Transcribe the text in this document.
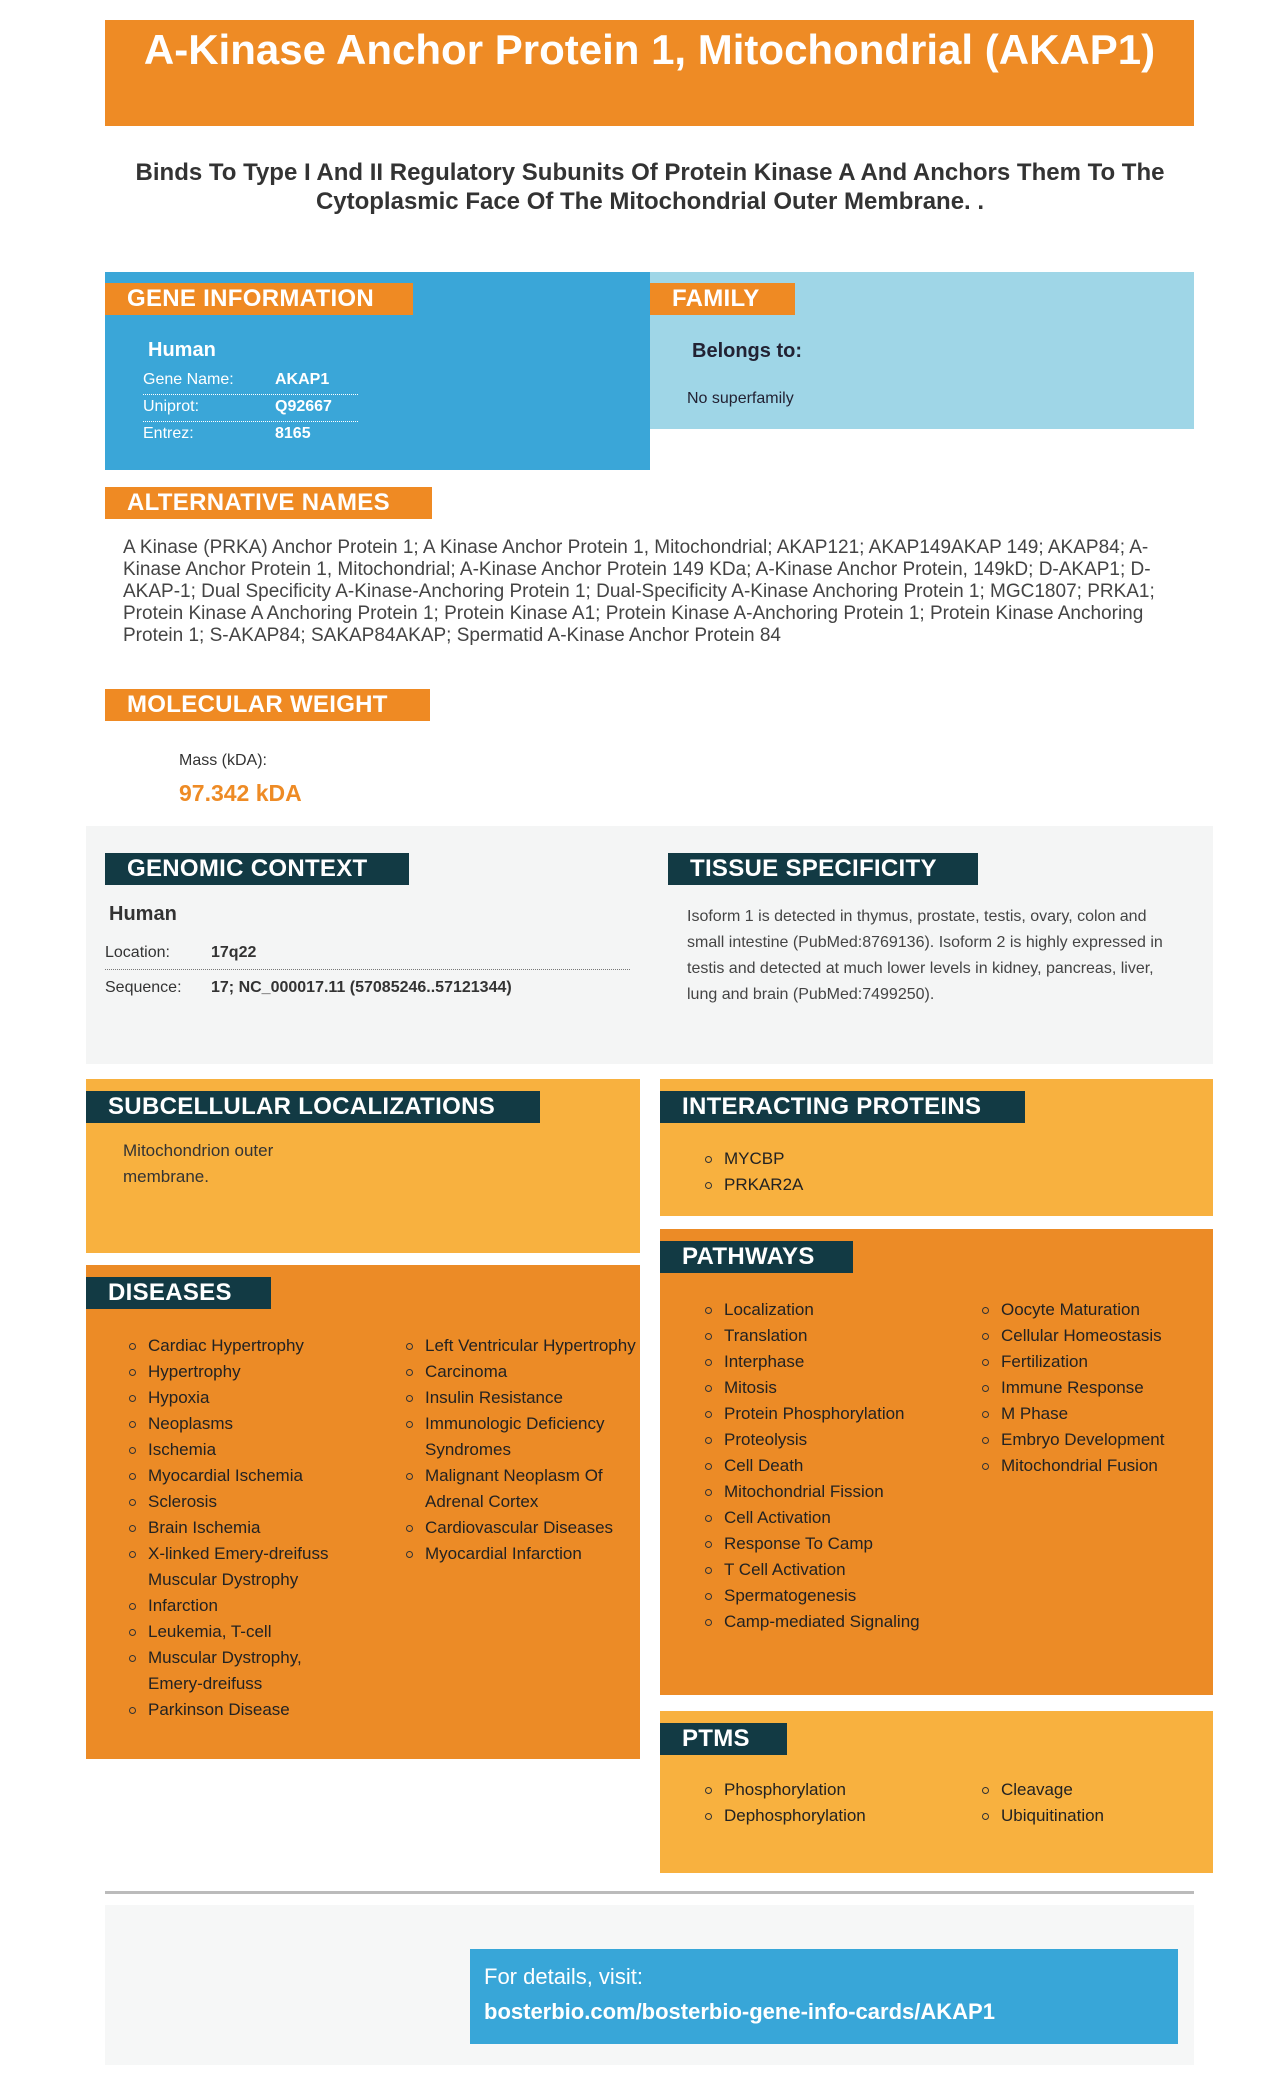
A-Kinase Anchor Protein 1, Mitochondrial (AKAP1)
Binds To Type I And II Regulatory Subunits Of Protein Kinase A And Anchors Them To The Cytoplasmic Face Of The Mitochondrial Outer Membrane. .
GENE INFORMATION
Human
Gene Name:	AKAP1
Uniprot:	Q92667
Entrez:	8165
FAMILY
Belongs to:
No superfamily
ALTERNATIVE NAMES
A Kinase (PRKA) Anchor Protein 1; A Kinase Anchor Protein 1, Mitochondrial; AKAP121; AKAP149AKAP 149; AKAP84; A-Kinase Anchor Protein 1, Mitochondrial; A-Kinase Anchor Protein 149 KDa; A-Kinase Anchor Protein, 149kD; D-AKAP1; D-AKAP-1; Dual Specificity A-Kinase-Anchoring Protein 1; Dual-Specificity A-Kinase Anchoring Protein 1; MGC1807; PRKA1; Protein Kinase A Anchoring Protein 1; Protein Kinase A1; Protein Kinase A-Anchoring Protein 1; Protein Kinase Anchoring Protein 1; S-AKAP84; SAKAP84AKAP; Spermatid A-Kinase Anchor Protein 84
MOLECULAR WEIGHT
Mass (kDA):
97.342 kDA
GENOMIC CONTEXT
Human
Location:	17q22
Sequence: 17; NC_000017.11 (57085246..57121344)
TISSUE SPECIFICITY
Isoform 1 is detected in thymus, prostate, testis, ovary, colon and small intestine (PubMed:8769136). Isoform 2 is highly expressed in testis and detected at much lower levels in kidney, pancreas, liver, lung and brain (PubMed:7499250).
SUBCELLULAR LOCALIZATIONS
Mitochondrion outer membrane.
INTERACTING PROTEINS
MYCBP
PRKAR2A
DISEASES
Cardiac Hypertrophy
Hypertrophy
Hypoxia
Neoplasms
Ischemia
Myocardial Ischemia
Sclerosis
Brain Ischemia
X-linked Emery-dreifuss Muscular Dystrophy
Infarction
Leukemia, T-cell
Muscular Dystrophy, Emery-dreifuss
Parkinson Disease
Left Ventricular Hypertrophy
Carcinoma
Insulin Resistance
Immunologic Deficiency Syndromes
Malignant Neoplasm Of Adrenal Cortex
Cardiovascular Diseases
Myocardial Infarction
PATHWAYS
Localization
Translation
Interphase
Mitosis
Protein Phosphorylation
Proteolysis
Cell Death
Mitochondrial Fission
Cell Activation
Response To Camp
T Cell Activation
Spermatogenesis
Camp-mediated Signaling
Oocyte Maturation
Cellular Homeostasis
Fertilization
Immune Response
M Phase
Embryo Development
Mitochondrial Fusion
PTMS
Phosphorylation
Dephosphorylation
Cleavage
Ubiquitination
For details, visit:
bosterbio.com/bosterbio-gene-info-cards/AKAP1
